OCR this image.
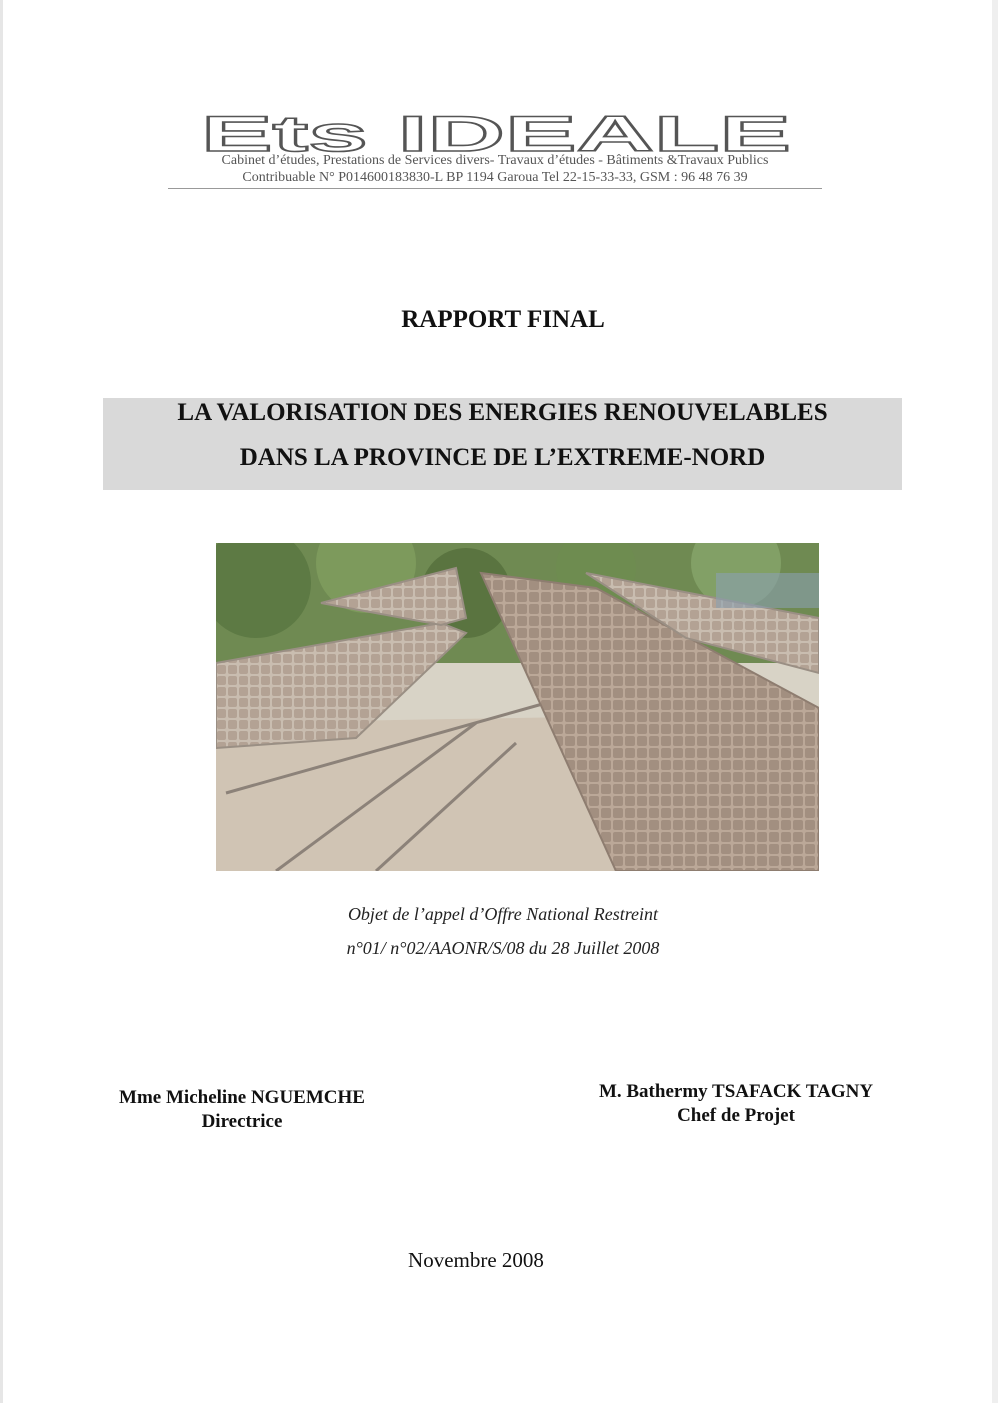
Ets IDEALE
Cabinet d’études, Prestations de Services divers- Travaux d’études - Bâtiments &Travaux Publics
Contribuable N° P014600183830-L BP 1194 Garoua Tel 22-15-33-33, GSM : 96 48 76 39
RAPPORT FINAL
LA VALORISATION DES ENERGIES RENOUVELABLES
DANS LA PROVINCE DE L’EXTREME-NORD
Objet de l’appel d’Offre National Restreint
n°01/ n°02/AAONR/S/08 du 28 Juillet 2008
Mme Micheline NGUEMCHE
Directrice
M. Bathermy TSAFACK TAGNY
Chef de Projet
Novembre 2008
